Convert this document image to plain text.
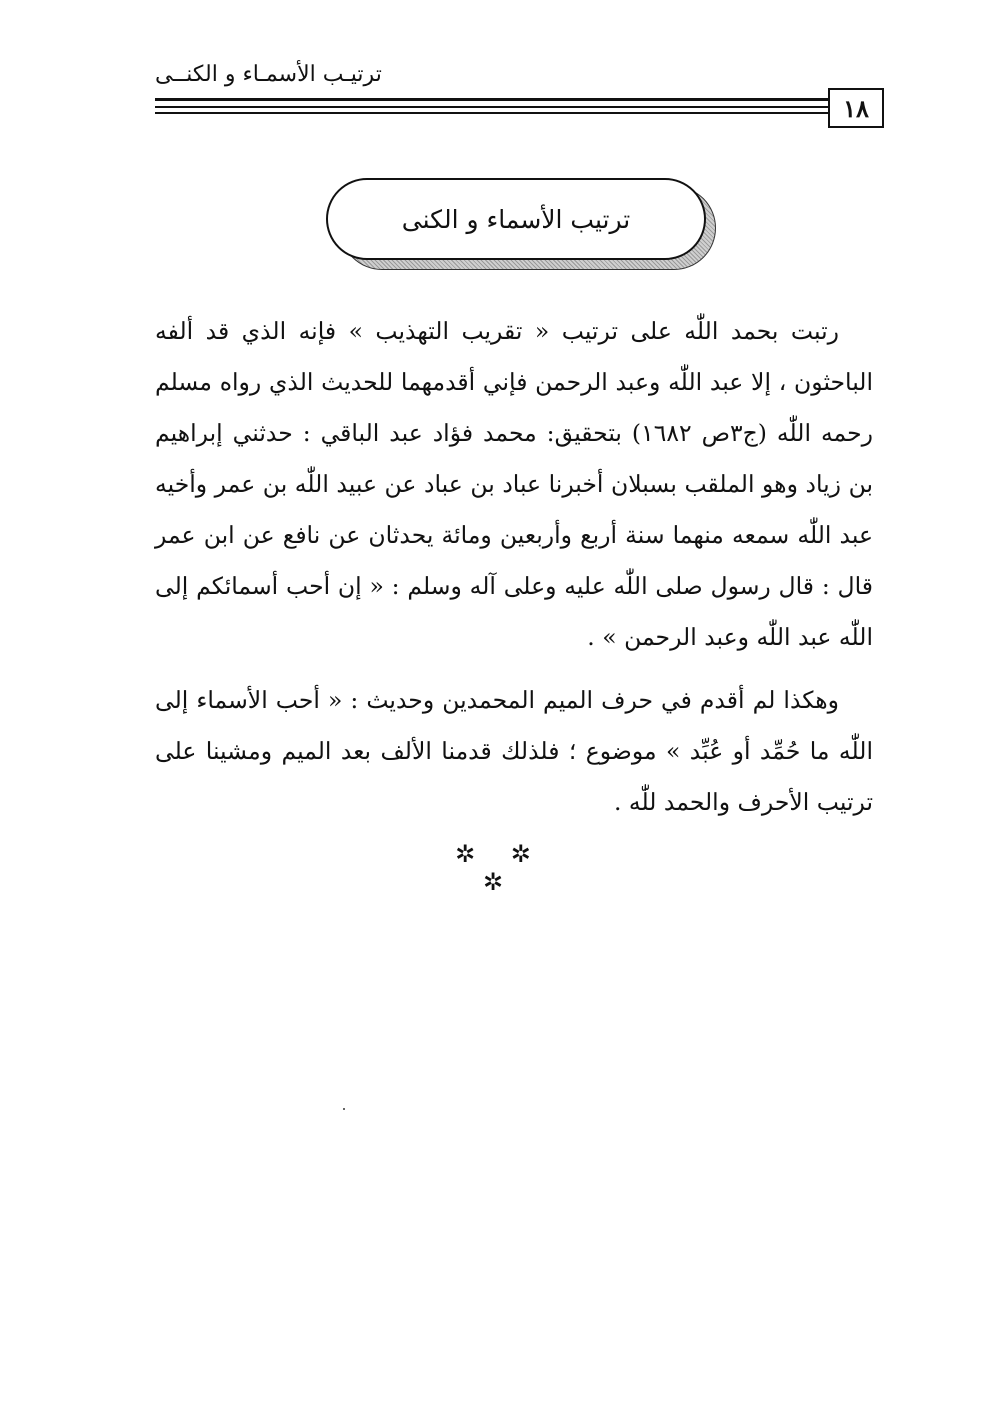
ترتيـب الأسمـاء و الكنــى
١٨
ترتيب الأسماء و الكنى

رتبت بحمد اللّٰه على ترتيب « تقريب التهذيب » فإنه الذي قد ألفه الباحثون ، إلا عبد اللّٰه وعبد الرحمن فإني أقدمهما للحديث الذي رواه مسلم رحمه اللّٰه (ج٣ص ١٦٨٢) بتحقيق: محمد فؤاد عبد الباقي : حدثني إبراهيم بن زياد وهو الملقب بسبلان أخبرنا عباد بن عباد عن عبيد اللّٰه بن عمر وأخيه عبد اللّٰه سمعه منهما سنة أربع وأربعين ومائة يحدثان عن نافع عن ابن عمر قال : قال رسول صلى اللّٰه عليه وعلى آله وسلم : « إن أحب أسمائكم إلى اللّٰه عبد اللّٰه وعبد الرحمن » .

وهكذا لم أقدم في حرف الميم المحمدين وحديث : « أحب الأسماء إلى اللّٰه ما حُمِّد أو عُبِّد » موضوع ؛ فلذلك قدمنا الألف بعد الميم ومشينا على ترتيب الأحرف والحمد للّٰه .

✲ ✲ ✲
